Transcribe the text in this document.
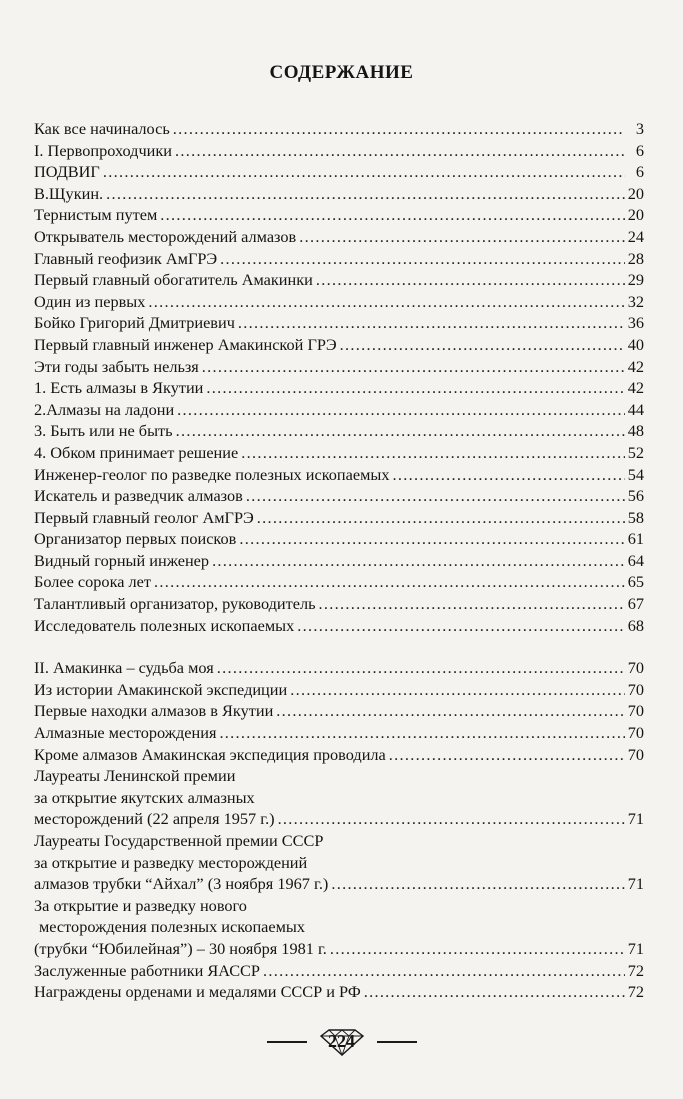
СОДЕРЖАНИЕ
Как все начиналось .....	3
I. Первопроходчики .....	6
ПОДВИГ .....	6
В.Щукин. .....	20
Тернистым путем .....	20
Открыватель месторождений алмазов .....	24
Главный геофизик АмГРЭ .....	28
Первый главный обогатитель Амакинки .....	29
Один из первых .....	32
Бойко Григорий Дмитриевич .....	36
Первый главный инженер Амакинской ГРЭ .....	40
Эти годы забыть нельзя .....	42
1. Есть алмазы в Якутии .....	42
2.Алмазы на ладони .....	44
3. Быть или не быть .....	48
4. Обком принимает решение .....	52
Инженер-геолог по разведке полезных ископаемых .....	54
Искатель и разведчик алмазов .....	56
Первый главный геолог АмГРЭ .....	58
Организатор первых поисков .....	61
Видный горный инженер .....	64
Более сорока лет .....	65
Талантливый организатор, руководитель .....	67
Исследователь полезных ископаемых .....	68
II. Амакинка – судьба моя .....	70
Из истории Амакинской экспедиции .....	70
Первые находки алмазов в Якутии .....	70
Алмазные месторождения .....	70
Кроме алмазов Амакинская экспедиция проводила .....	70
Лауреаты Ленинской премии
за открытие якутских алмазных
месторождений (22 апреля 1957 г.) .....	71
Лауреаты Государственной премии СССР
за открытие и разведку месторождений
алмазов трубки “Айхал” (3 ноября 1967 г.) .....	71
За открытие и разведку нового
месторождения полезных ископаемых
(трубки “Юбилейная”) – 30 ноября 1981 г. .....	71
Заслуженные работники ЯАССР .....	72
Награждены орденами и медалями СССР и РФ .....	72
224
